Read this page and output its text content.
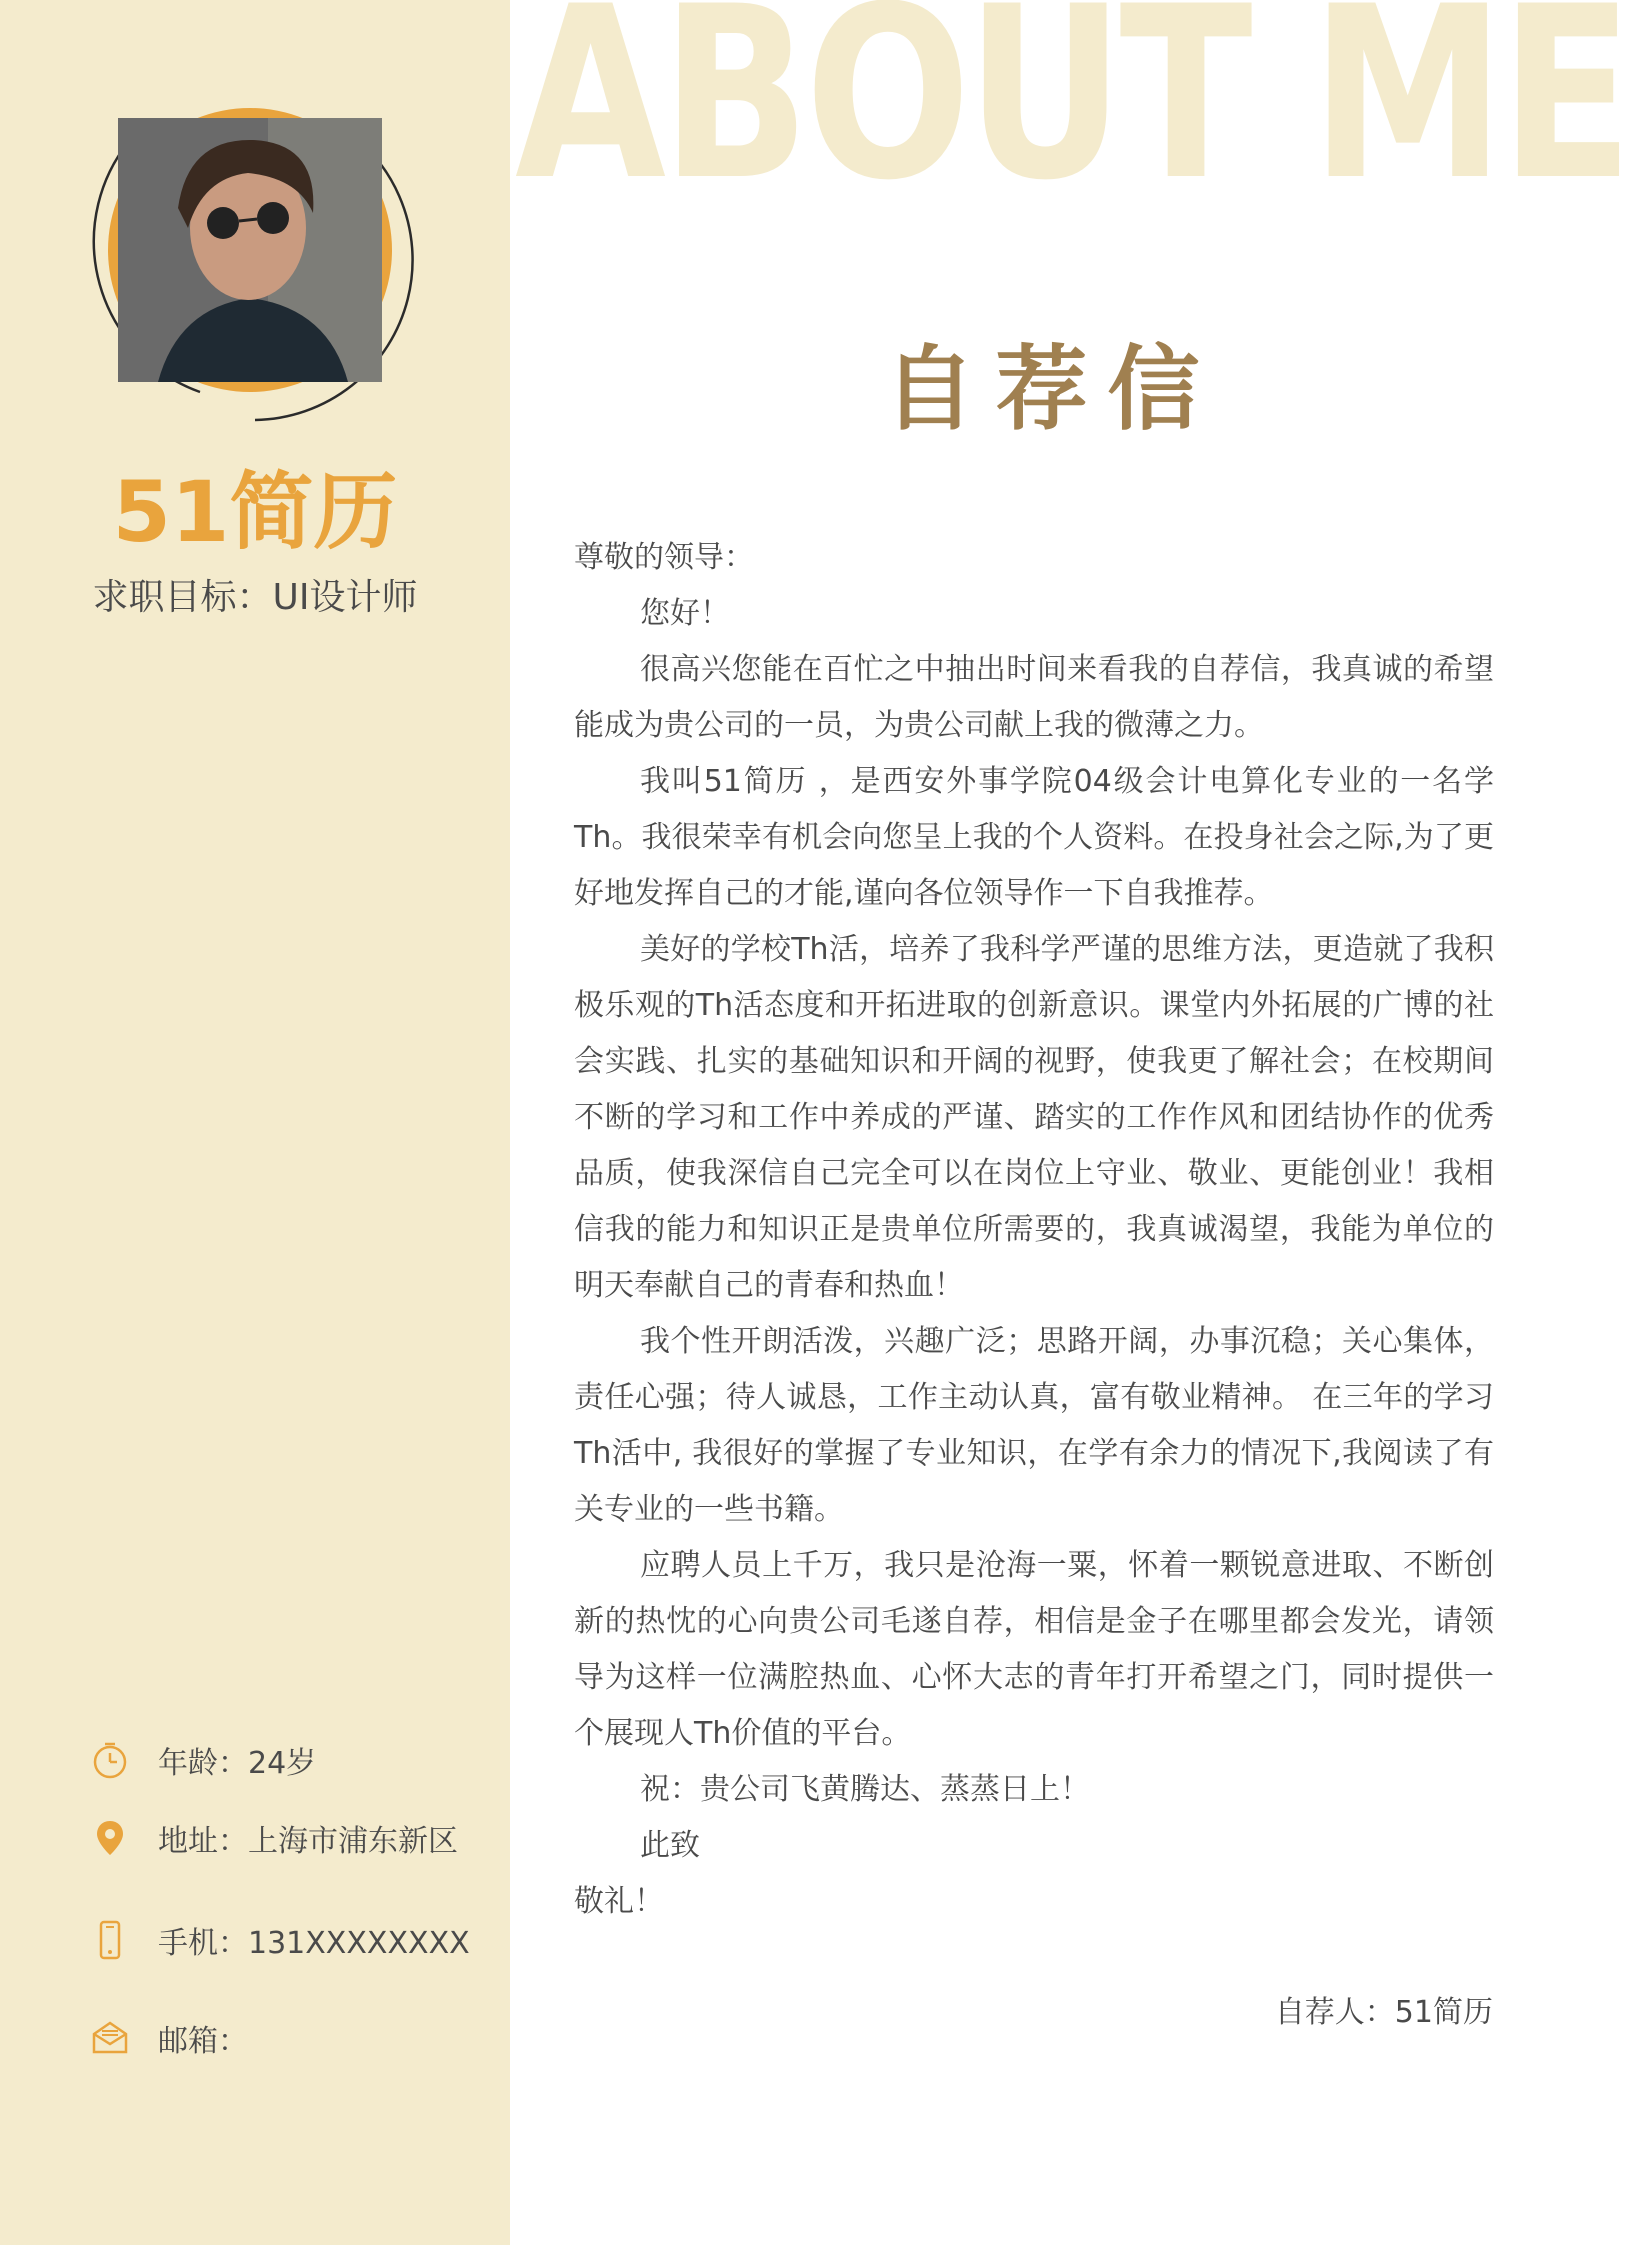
ABOUT ME
51简历
求职目标：UI设计师
年龄：24岁
地址：上海市浦东新区
手机：131XXXXXXXX
邮箱：
自荐信

尊敬的领导：

您好！

很高兴您能在百忙之中抽出时间来看我的自荐信，我真诚的希望能成为贵公司的一员，为贵公司献上我的微薄之力。

我叫51简历 ，是西安外事学院04级会计电算化专业的一名学Th。我很荣幸有机会向您呈上我的个人资料。在投身社会之际,为了更好地发挥自己的才能,谨向各位领导作一下自我推荐。

美好的学校Th活，培养了我科学严谨的思维方法，更造就了我积极乐观的Th活态度和开拓进取的创新意识。课堂内外拓展的广博的社会实践、扎实的基础知识和开阔的视野，使我更了解社会；在校期间不断的学习和工作中养成的严谨、踏实的工作作风和团结协作的优秀品质，使我深信自己完全可以在岗位上守业、敬业、更能创业！我相信我的能力和知识正是贵单位所需要的，我真诚渴望，我能为单位的明天奉献自己的青春和热血！

我个性开朗活泼，兴趣广泛；思路开阔，办事沉稳；关心集体，责任心强；待人诚恳，工作主动认真，富有敬业精神。 在三年的学习Th活中, 我很好的掌握了专业知识，在学有余力的情况下,我阅读了有关专业的一些书籍。

应聘人员上千万，我只是沧海一粟，怀着一颗锐意进取、不断创新的热忱的心向贵公司毛遂自荐，相信是金子在哪里都会发光，请领导为这样一位满腔热血、心怀大志的青年打开希望之门，同时提供一个展现人Th价值的平台。

祝：贵公司飞黄腾达、蒸蒸日上！

此致

敬礼！

自荐人：51简历
